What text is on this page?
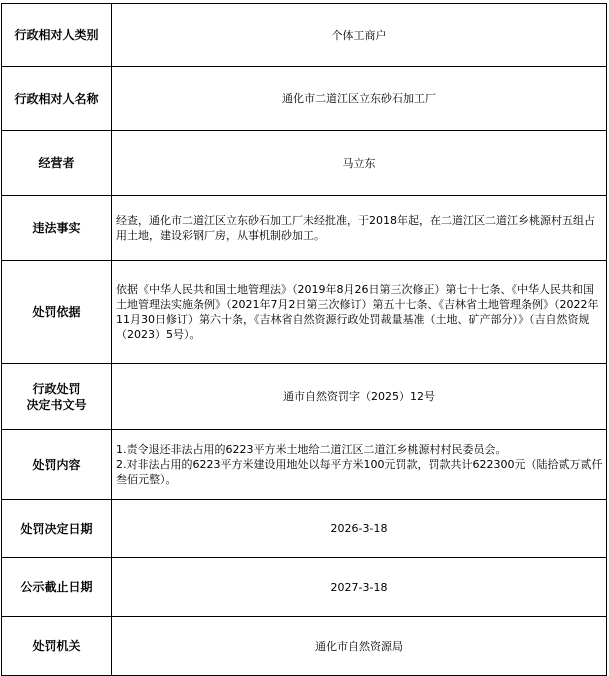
行政相对人类别	个体工商户
行政相对人名称	通化市二道江区立东砂石加工厂
经营者	马立东
违法事实	经查，通化市二道江区立东砂石加工厂未经批准，于2018年起，在二道江区二道江乡桃源村五组占用土地，建设彩钢厂房，从事机制砂加工。
处罚依据	依据《中华人民共和国土地管理法》（2019年8月26日第三次修正）第七十七条、《中华人民共和国土地管理法实施条例》（2021年7月2日第三次修订）第五十七条、《吉林省土地管理条例》（2022年11月30日修订）第六十条，《吉林省自然资源行政处罚裁量基准（土地、矿产部分）》（吉自然资规（2023）5号）。
行政处罚
决定书文号	通市自然资罚字（2025）12号
处罚内容	1.责令退还非法占用的6223平方米土地给二道江区二道江乡桃源村村民委员会。
2.对非法占用的6223平方米建设用地处以每平方米100元罚款，罚款共计622300元（陆拾贰万贰仟叁佰元整）。

处罚决定日期	2026-3-18
公示截止日期	2027-3-18
处罚机关	通化市自然资源局
